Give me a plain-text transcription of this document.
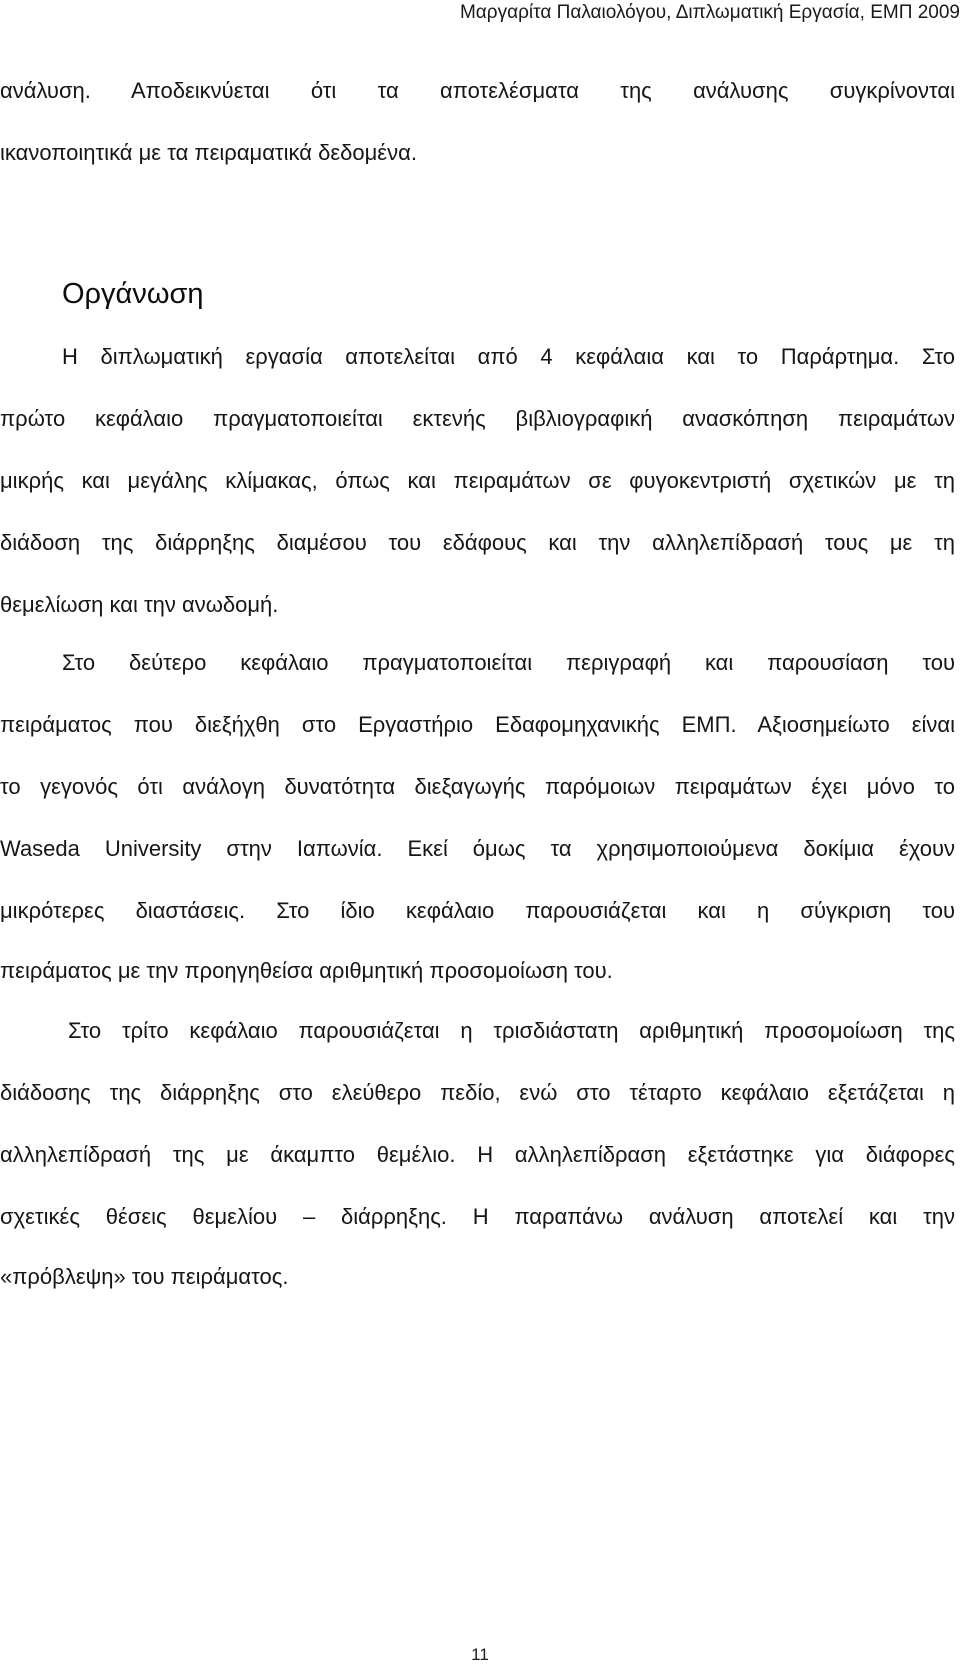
Μαργαρίτα Παλαιολόγου, Διπλωματική Εργασία, ΕΜΠ 2009
ανάλυση. Αποδεικνύεται ότι τα αποτελέσματα της ανάλυσης συγκρίνονται
ικανοποιητικά με τα πειραματικά δεδομένα.
Οργάνωση
Η διπλωματική εργασία αποτελείται από 4 κεφάλαια και το Παράρτημα. Στο
πρώτο κεφάλαιο πραγματοποιείται εκτενής βιβλιογραφική ανασκόπηση πειραμάτων
μικρής και μεγάλης κλίμακας, όπως και πειραμάτων σε φυγοκεντριστή σχετικών με τη
διάδοση της διάρρηξης διαμέσου του εδάφους και την αλληλεπίδρασή τους με τη
θεμελίωση και την ανωδομή.
Στο δεύτερο κεφάλαιο πραγματοποιείται περιγραφή και παρουσίαση του
πειράματος που διεξήχθη στο Εργαστήριο Εδαφομηχανικής ΕΜΠ. Αξιοσημείωτο είναι
το γεγονός ότι ανάλογη δυνατότητα διεξαγωγής παρόμοιων πειραμάτων έχει μόνο το
Waseda University στην Ιαπωνία. Εκεί όμως τα χρησιμοποιούμενα δοκίμια έχουν
μικρότερες διαστάσεις. Στο ίδιο κεφάλαιο παρουσιάζεται και η σύγκριση του
πειράματος με την προηγηθείσα αριθμητική προσομοίωση του.
Στο τρίτο κεφάλαιο παρουσιάζεται η τρισδιάστατη αριθμητική προσομοίωση της
διάδοσης της διάρρηξης στο ελεύθερο πεδίο, ενώ στο τέταρτο κεφάλαιο εξετάζεται η
αλληλεπίδρασή της με άκαμπτο θεμέλιο. Η αλληλεπίδραση εξετάστηκε για διάφορες
σχετικές θέσεις θεμελίου – διάρρηξης. Η παραπάνω ανάλυση αποτελεί και την
«πρόβλεψη» του πειράματος.
11
